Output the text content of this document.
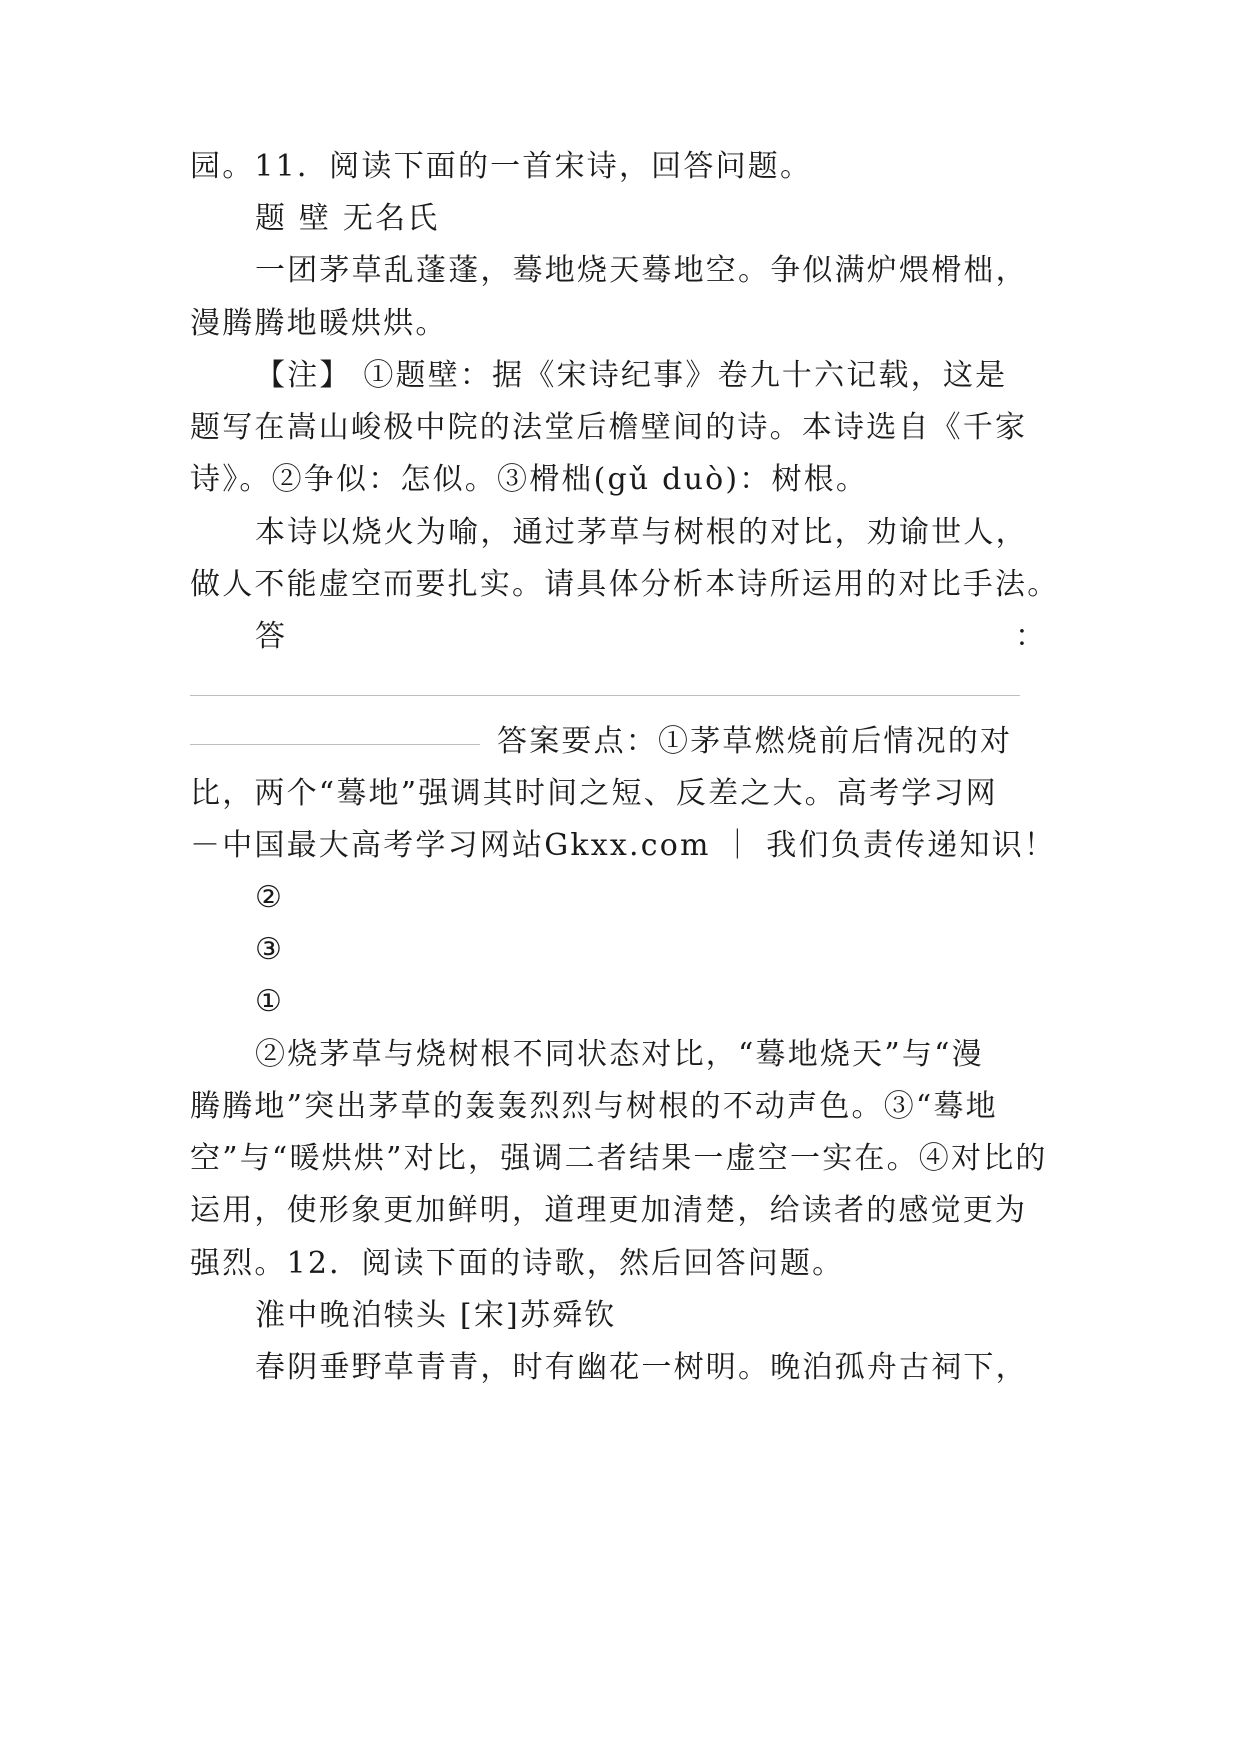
园。11．阅读下面的一首宋诗，回答问题。
题 壁 无名氏
一团茅草乱蓬蓬，蓦地烧天蓦地空。争似满炉煨榾柮，
漫腾腾地暖烘烘。
【注】 ①题壁：据《宋诗纪事》卷九十六记载，这是
题写在嵩山峻极中院的法堂后檐壁间的诗。本诗选自《千家
诗》。②争似：怎似。③榾柮(gǔ duò)：树根。
本诗以烧火为喻，通过茅草与树根的对比，劝谕世人，
做人不能虚空而要扎实。请具体分析本诗所运用的对比手法。
答	：
答案要点：①茅草燃烧前后情况的对
比，两个“蓦地”强调其时间之短、反差之大。高考学习网
－中国最大高考学习网站Gkxx.com ｜ 我们负责传递知识！
②
③
①
②烧茅草与烧树根不同状态对比，“蓦地烧天”与“漫
腾腾地”突出茅草的轰轰烈烈与树根的不动声色。③“蓦地
空”与“暖烘烘”对比，强调二者结果一虚空一实在。④对比的
运用，使形象更加鲜明，道理更加清楚，给读者的感觉更为
强烈。12．阅读下面的诗歌，然后回答问题。
淮中晚泊犊头 [宋]苏舜钦
春阴垂野草青青，时有幽花一树明。晚泊孤舟古祠下，
